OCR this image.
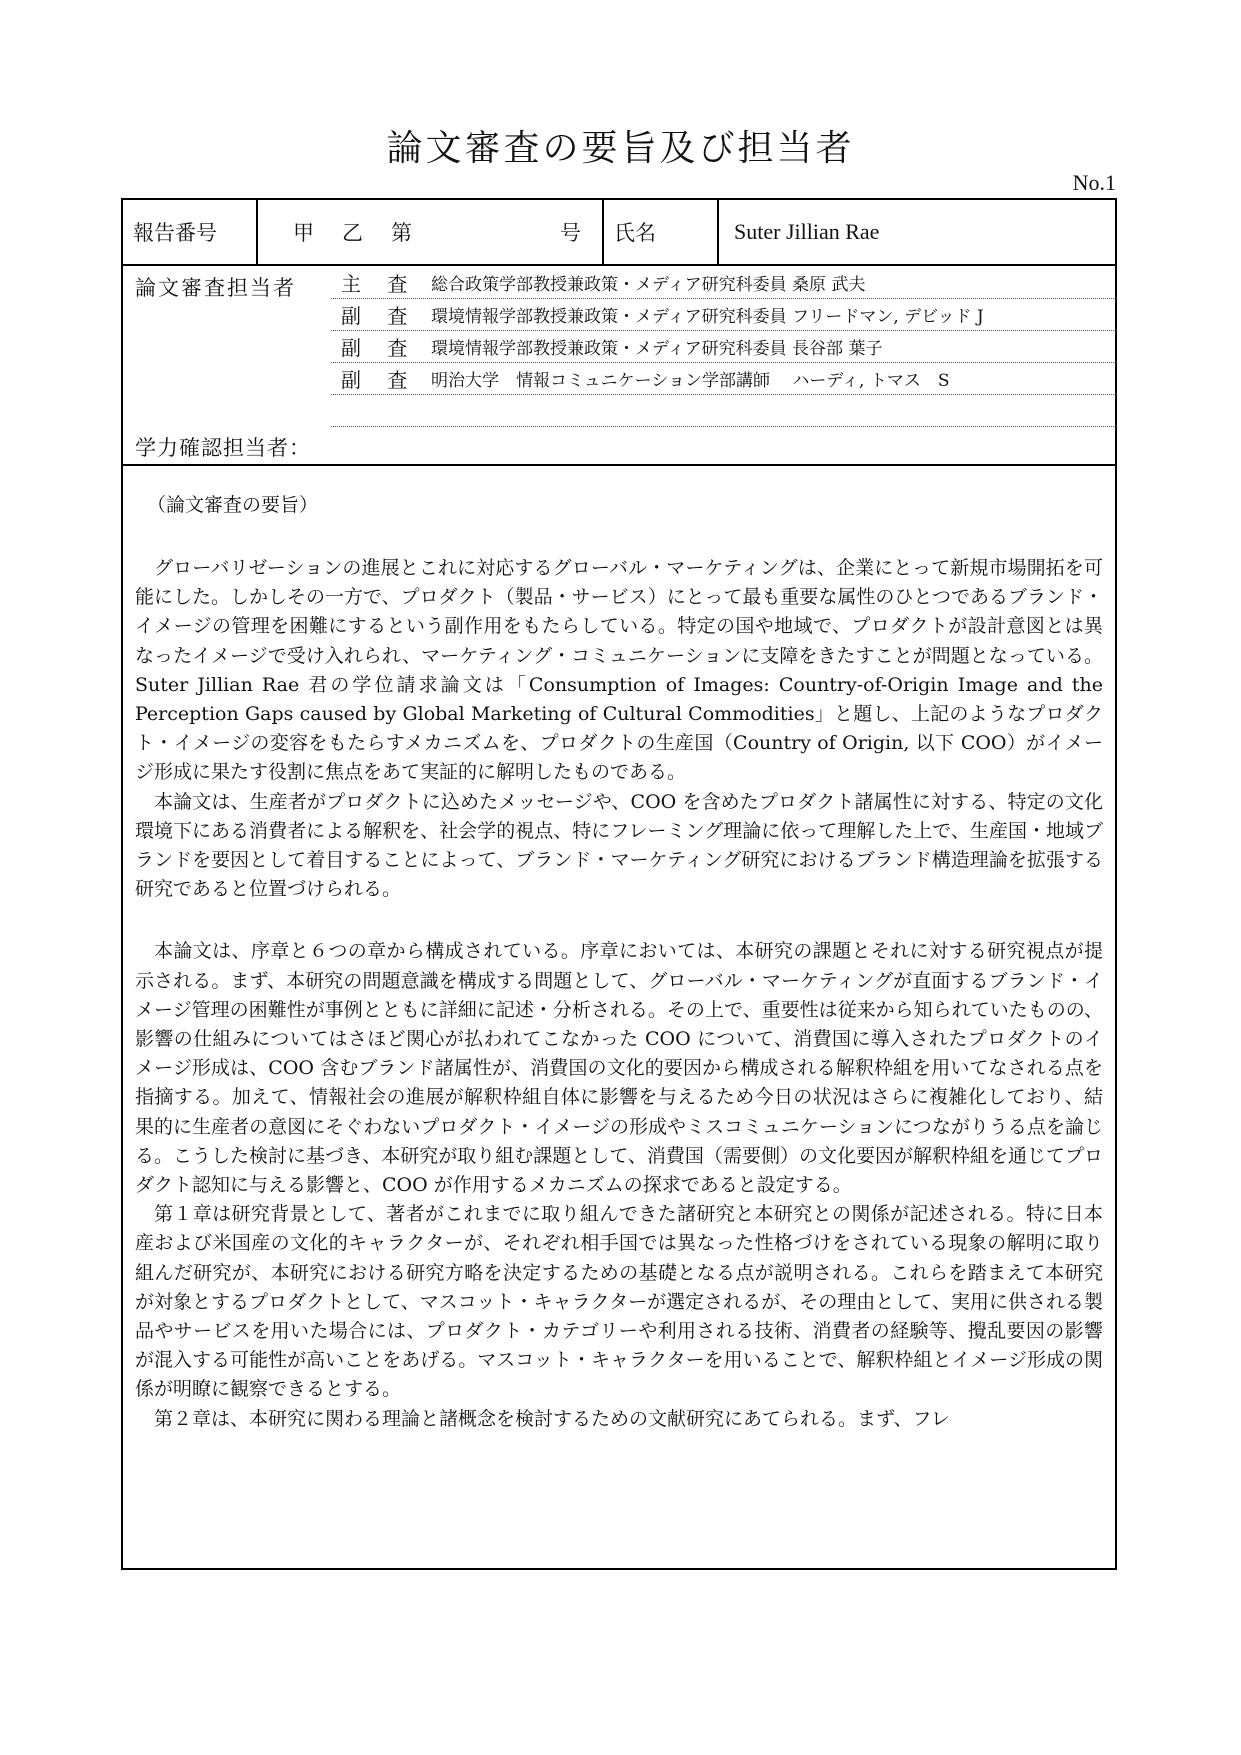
論文審査の要旨及び担当者
No.1
報告番号	甲 乙 第	号	氏名	Suter Jillian Rae
論文審査担当者	主 査 総合政策学部教授兼政策・メディア研究科委員 桑原 武夫
副 査 環境情報学部教授兼政策・メディア研究科委員 フリードマン, デビッド J
副 査 環境情報学部教授兼政策・メディア研究科委員 長谷部 葉子
副 査 明治大学　情報コミュニケーション学部講師　 ハーディ, トマス　S
学力確認担当者：
（論文審査の要旨）

グローバリゼーションの進展とこれに対応するグローバル・マーケティングは、企業にとって新規市場開拓を可能にした。しかしその一方で、プロダクト（製品・サービス）にとって最も重要な属性のひとつであるブランド・イメージの管理を困難にするという副作用をもたらしている。特定の国や地域で、プロダクトが設計意図とは異なったイメージで受け入れられ、マーケティング・コミュニケーションに支障をきたすことが問題となっている。Suter Jillian Rae 君の学位請求論文は「Consumption of Images: Country-of-Origin Image and the Perception Gaps caused by Global Marketing of Cultural Commodities」と題し、上記のようなプロダクト・イメージの変容をもたらすメカニズムを、プロダクトの生産国（Country of Origin, 以下 COO）がイメージ形成に果たす役割に焦点をあて実証的に解明したものである。

本論文は、生産者がプロダクトに込めたメッセージや、COO を含めたプロダクト諸属性に対する、特定の文化環境下にある消費者による解釈を、社会学的視点、特にフレーミング理論に依って理解した上で、生産国・地域ブランドを要因として着目することによって、ブランド・マーケティング研究におけるブランド構造理論を拡張する研究であると位置づけられる。

本論文は、序章と６つの章から構成されている。序章においては、本研究の課題とそれに対する研究視点が提示される。まず、本研究の問題意識を構成する問題として、グローバル・マーケティングが直面するブランド・イメージ管理の困難性が事例とともに詳細に記述・分析される。その上で、重要性は従来から知られていたものの、影響の仕組みについてはさほど関心が払われてこなかった COO について、消費国に導入されたプロダクトのイメージ形成は、COO 含むブランド諸属性が、消費国の文化的要因から構成される解釈枠組を用いてなされる点を指摘する。加えて、情報社会の進展が解釈枠組自体に影響を与えるため今日の状況はさらに複雑化しており、結果的に生産者の意図にそぐわないプロダクト・イメージの形成やミスコミュニケーションにつながりうる点を論じる。こうした検討に基づき、本研究が取り組む課題として、消費国（需要側）の文化要因が解釈枠組を通じてプロダクト認知に与える影響と、COO が作用するメカニズムの探求であると設定する。

第１章は研究背景として、著者がこれまでに取り組んできた諸研究と本研究との関係が記述される。特に日本産および米国産の文化的キャラクターが、それぞれ相手国では異なった性格づけをされている現象の解明に取り組んだ研究が、本研究における研究方略を決定するための基礎となる点が説明される。これらを踏まえて本研究が対象とするプロダクトとして、マスコット・キャラクターが選定されるが、その理由として、実用に供される製品やサービスを用いた場合には、プロダクト・カテゴリーや利用される技術、消費者の経験等、攪乱要因の影響が混入する可能性が高いことをあげる。マスコット・キャラクターを用いることで、解釈枠組とイメージ形成の関係が明瞭に観察できるとする。

第２章は、本研究に関わる理論と諸概念を検討するための文献研究にあてられる。まず、フレ
